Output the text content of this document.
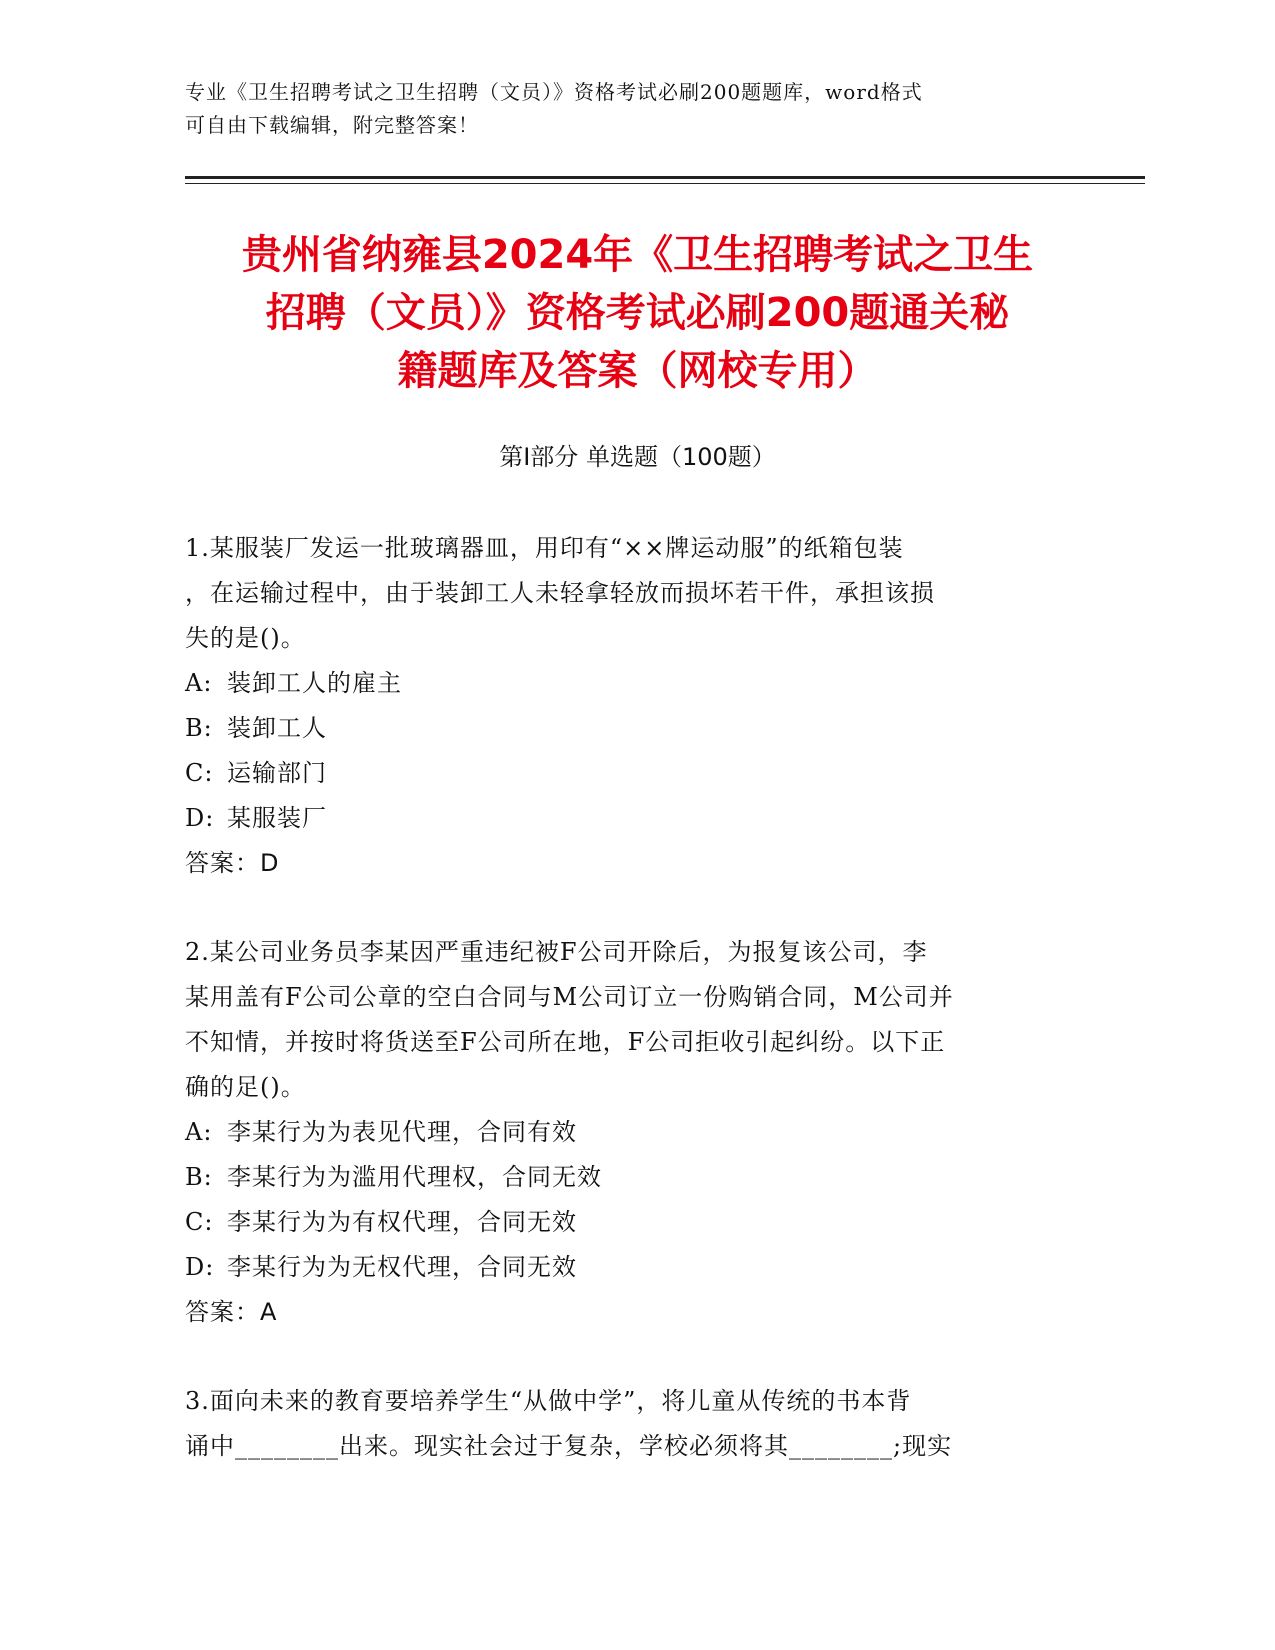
专业《卫生招聘考试之卫生招聘（文员）》资格考试必刷200题题库，word格式
可自由下载编辑，附完整答案！
贵州省纳雍县2024年《卫生招聘考试之卫生
招聘（文员）》资格考试必刷200题通关秘
籍题库及答案（网校专用）
第Ⅰ部分 单选题（100题）
1.某服装厂发运一批玻璃器皿，用印有“××牌运动服”的纸箱包装
，在运输过程中，由于装卸工人未轻拿轻放而损坏若干件，承担该损
失的是()。
A: 装卸工人的雇主
B: 装卸工人
C: 运输部门
D: 某服装厂
答案：D
2.某公司业务员李某因严重违纪被F公司开除后，为报复该公司，李
某用盖有F公司公章的空白合同与M公司订立一份购销合同，M公司并
不知情，并按时将货送至F公司所在地，F公司拒收引起纠纷。以下正
确的足()。
A: 李某行为为表见代理，合同有效
B: 李某行为为滥用代理权，合同无效
C: 李某行为为有权代理，合同无效
D: 李某行为为无权代理，合同无效
答案：A
3.面向未来的教育要培养学生“从做中学”，将儿童从传统的书本背
诵中________出来。现实社会过于复杂，学校必须将其________;现实
